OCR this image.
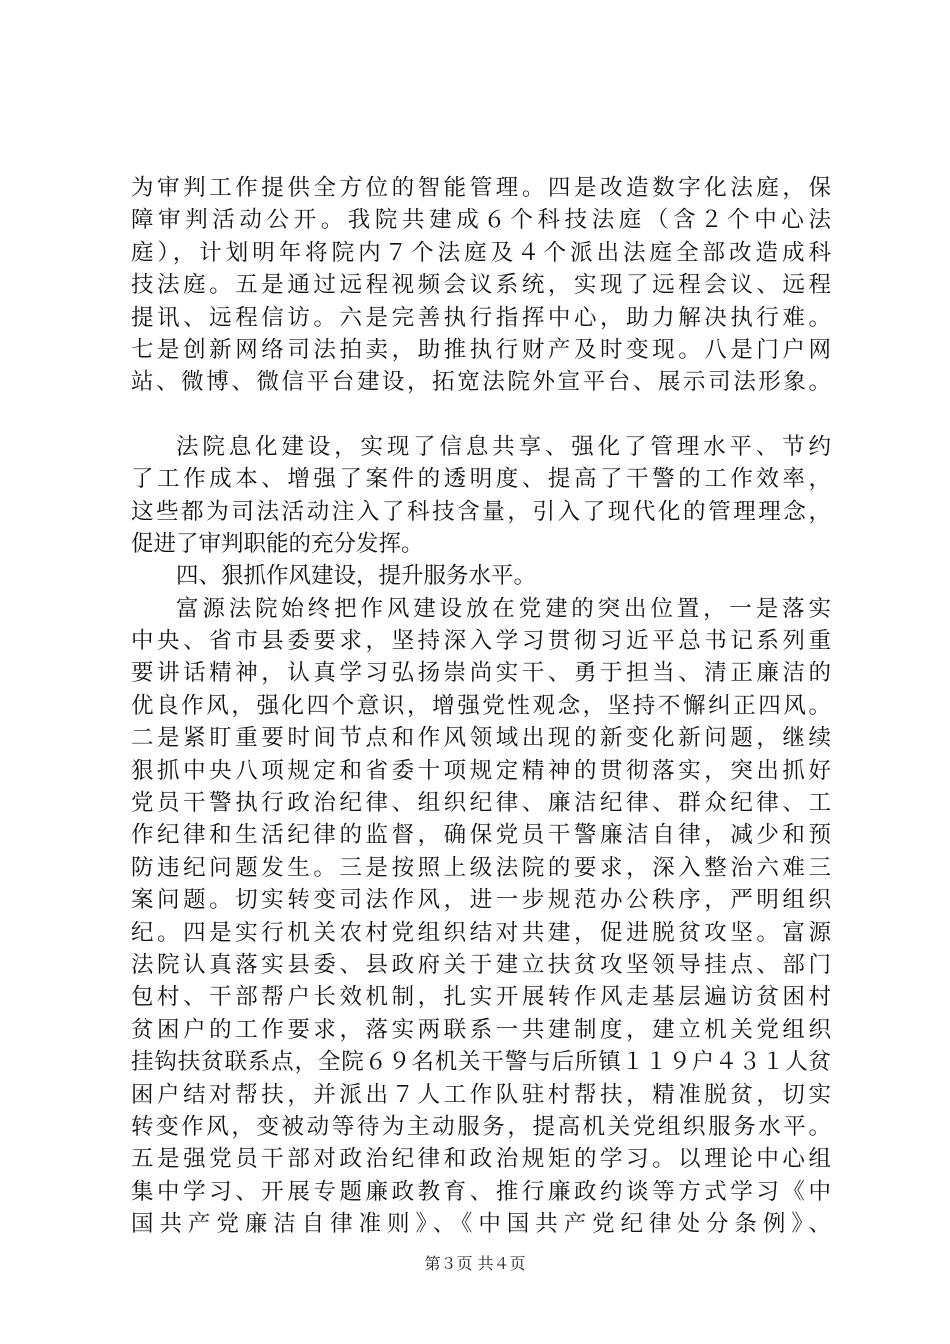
为审判工作提供全方位的智能管理。四是改造数字化法庭，保
障审判活动公开。我院共建成６个科技法庭（含２个中心法
庭），计划明年将院内７个法庭及４个派出法庭全部改造成科
技法庭。五是通过远程视频会议系统，实现了远程会议、远程
提讯、远程信访。六是完善执行指挥中心，助力解决执行难。
七是创新网络司法拍卖，助推执行财产及时变现。八是门户网
站、微博、微信平台建设，拓宽法院外宣平台、展示司法形象。
法院息化建设，实现了信息共享、强化了管理水平、节约
了工作成本、增强了案件的透明度、提高了干警的工作效率，
这些都为司法活动注入了科技含量，引入了现代化的管理理念，
促进了审判职能的充分发挥。
四、狠抓作风建设，提升服务水平。
富源法院始终把作风建设放在党建的突出位置，一是落实
中央、省市县委要求，坚持深入学习贯彻习近平总书记系列重
要讲话精神，认真学习弘扬崇尚实干、勇于担当、清正廉洁的
优良作风，强化四个意识，增强党性观念，坚持不懈纠正四风。
二是紧盯重要时间节点和作风领域出现的新变化新问题，继续
狠抓中央八项规定和省委十项规定精神的贯彻落实，突出抓好
党员干警执行政治纪律、组织纪律、廉洁纪律、群众纪律、工
作纪律和生活纪律的监督，确保党员干警廉洁自律，减少和预
防违纪问题发生。三是按照上级法院的要求，深入整治六难三
案问题。切实转变司法作风，进一步规范办公秩序，严明组织
纪。四是实行机关农村党组织结对共建，促进脱贫攻坚。富源
法院认真落实县委、县政府关于建立扶贫攻坚领导挂点、部门
包村、干部帮户长效机制，扎实开展转作风走基层遍访贫困村
贫困户的工作要求，落实两联系一共建制度，建立机关党组织
挂钩扶贫联系点，全院６９名机关干警与后所镇１１９户４３１人贫
困户结对帮扶，并派出７人工作队驻村帮扶，精准脱贫，切实
转变作风，变被动等待为主动服务，提高机关党组织服务水平。
五是强党员干部对政治纪律和政治规矩的学习。以理论中心组
集中学习、开展专题廉政教育、推行廉政约谈等方式学习《中
国共产党廉洁自律准则》、《中国共产党纪律处分条例》、
第３页 共４页
